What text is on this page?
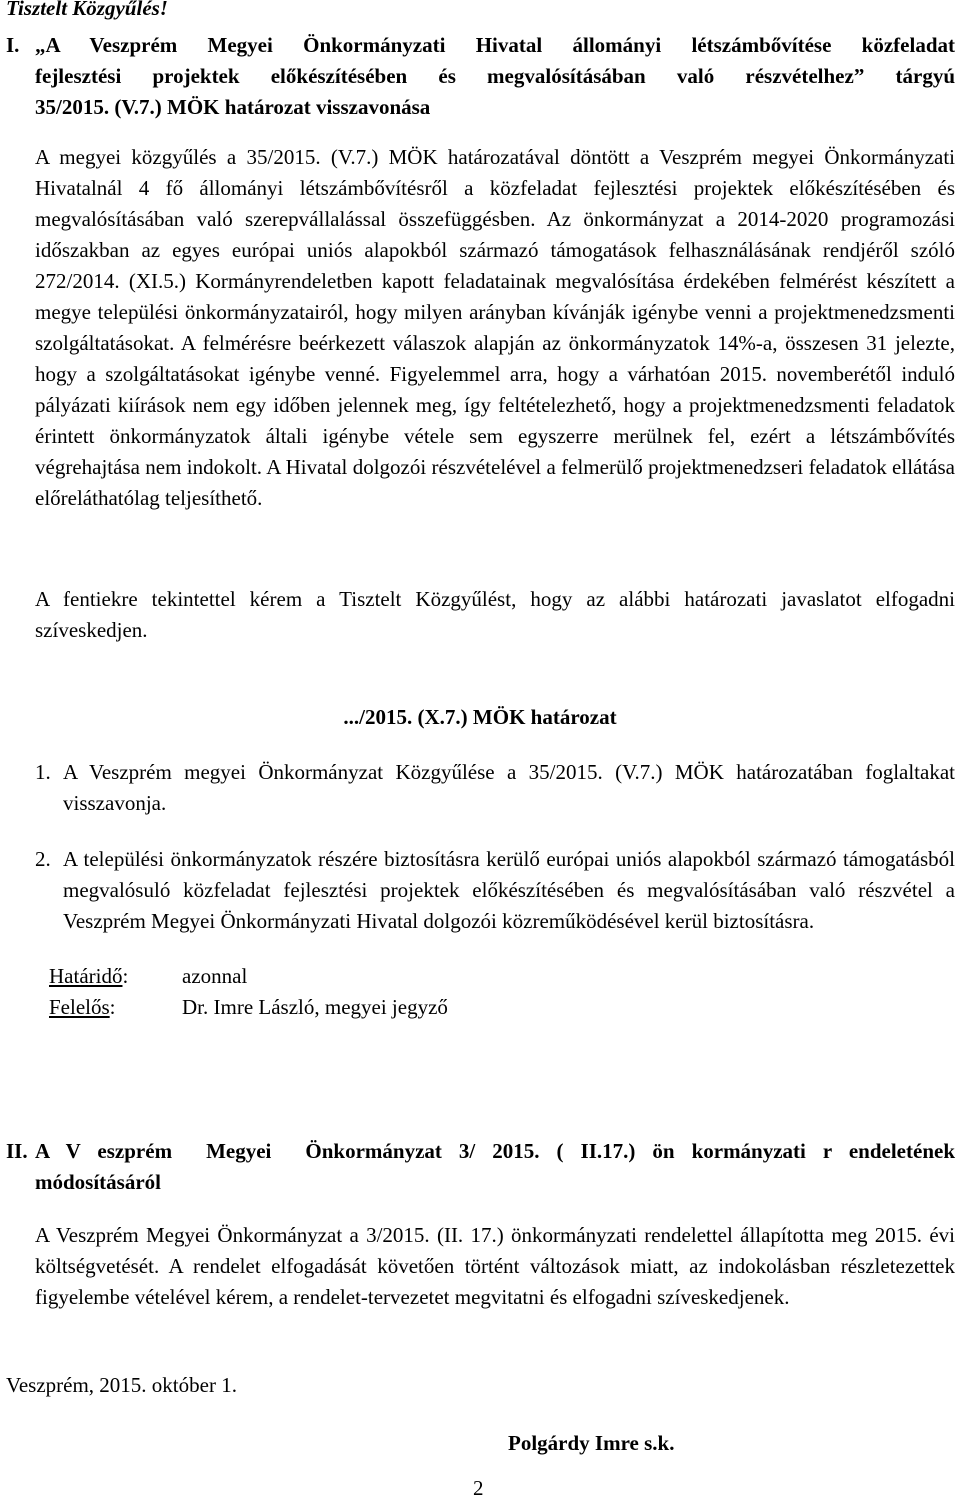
Tisztelt Közgyűlés!
I. „A Veszprém Megyei Önkormányzati Hivatal állományi létszámbővítése közfeladat
fejlesztési projektek előkészítésében és megvalósításában való részvételhez” tárgyú
35/2015. (V.7.) MÖK határozat visszavonása

A megyei közgyűlés a 35/2015. (V.7.) MÖK határozatával döntött a Veszprém megyei Önkormányzati Hivatalnál 4 fő állományi létszámbővítésről a közfeladat fejlesztési projektek előkészítésében és megvalósításában való szerepvállalással összefüggésben. Az önkormányzat a 2014-2020 programozási időszakban az egyes európai uniós alapokból származó támogatások felhasználásának rendjéről szóló 272/2014. (XI.5.) Kormányrendeletben kapott feladatainak megvalósítása érdekében felmérést készített a megye települési önkormányzatairól, hogy milyen arányban kívánják igénybe venni a projektmenedzsmenti szolgáltatásokat. A felmérésre beérkezett válaszok alapján az önkormányzatok 14%-a, összesen 31 jelezte, hogy a szolgáltatásokat igénybe venné. Figyelemmel arra, hogy a várhatóan 2015. novemberétől induló pályázati kiírások nem egy időben jelennek meg, így feltételezhető, hogy a projektmenedzsmenti feladatok érintett önkormányzatok általi igénybe vétele sem egyszerre merülnek fel, ezért a létszámbővítés végrehajtása nem indokolt. A Hivatal dolgozói részvételével a felmerülő projektmenedzseri feladatok ellátása előreláthatólag teljesíthető.

A fentiekre tekintettel kérem a Tisztelt Közgyűlést, hogy az alábbi határozati javaslatot elfogadni szíveskedjen.

.../2015. (X.7.) MÖK határozat
1. A Veszprém megyei Önkormányzat Közgyűlése a 35/2015. (V.7.) MÖK határozatában foglaltakat visszavonja.

2. A települési önkormányzatok részére biztosításra kerülő európai uniós alapokból származó támogatásból megvalósuló közfeladat fejlesztési projektek előkészítésében és megvalósításában való részvétel a Veszprém Megyei Önkormányzati Hivatal dolgozói közreműködésével kerül biztosításra.

Határidő:	azonnal
Felelős:	Dr. Imre László, megyei jegyző
II. A V eszprém  Megyei  Önkormányzat 3/ 2015. ( II.17.) ön kormányzati r endeletének
módosításáról

A Veszprém Megyei Önkormányzat a 3/2015. (II. 17.) önkormányzati rendelettel állapította meg 2015. évi költségvetését. A rendelet elfogadását követően történt változások miatt, az indokolásban részletezettek figyelembe vételével kérem, a rendelet-tervezetet megvitatni és elfogadni szíveskedjenek.

Veszprém, 2015. október 1.
Polgárdy Imre s.k.
2
